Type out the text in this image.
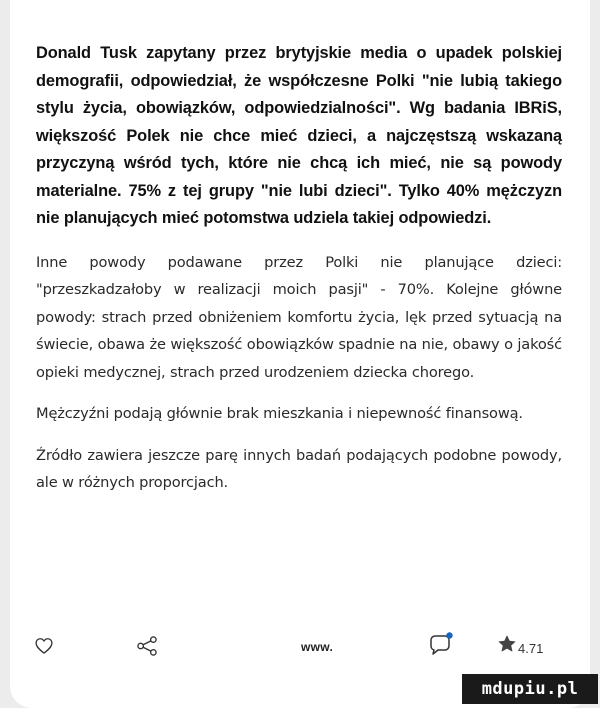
Donald Tusk zapytany przez brytyjskie media o upadek polskiej demografii, odpowiedział, że współczesne Polki "nie lubią takiego stylu życia, obowiązków, odpowiedzialności". Wg badania IBRiS, większość Polek nie chce mieć dzieci, a najczęstszą wskazaną przyczyną wśród tych, które nie chcą ich mieć, nie są powody materialne. 75% z tej grupy "nie lubi dzieci". Tylko 40% mężczyzn nie planujących mieć potomstwa udziela takiej odpowiedzi.

Inne powody podawane przez Polki nie planujące dzieci: "przeszkadzałoby w realizacji moich pasji" - 70%. Kolejne główne powody: strach przed obniżeniem komfortu życia, lęk przed sytuacją na świecie, obawa że większość obowiązków spadnie na nie, obawy o jakość opieki medycznej, strach przed urodzeniem dziecka chorego.

Mężczyźni podają głównie brak mieszkania i niepewność finansową.

Źródło zawiera jeszcze parę innych badań podających podobne powody, ale w różnych proporcjach.

www.	4.71
mdupiu.pl
